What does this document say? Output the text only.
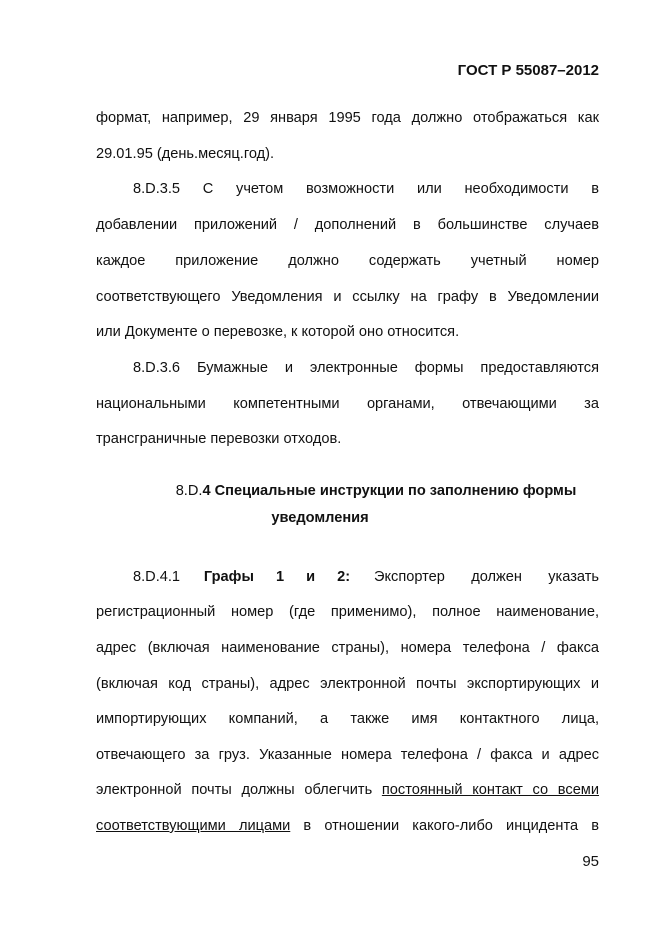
ГОСТ Р 55087–2012
формат, например, 29 января 1995 года должно отображаться как
29.01.95 (день.месяц.год).
8.D.3.5 С учетом возможности или необходимости в
добавлении приложений / дополнений в большинстве случаев
каждое приложение должно содержать учетный номер
соответствующего Уведомления и ссылку на графу в Уведомлении
или Документе о перевозке, к которой оно относится.
8.D.3.6 Бумажные и электронные формы предоставляются
национальными компетентными органами, отвечающими за
трансграничные перевозки отходов.
8.D.4 Специальные инструкции по заполнению формы
уведомления
8.D.4.1 Графы 1 и 2: Экспортер должен указать
регистрационный номер (где применимо), полное наименование,
адрес (включая наименование страны), номера телефона / факса
(включая код страны), адрес электронной почты экспортирующих и
импортирующих компаний, а также имя контактного лица,
отвечающего за груз. Указанные номера телефона / факса и адрес
электронной почты должны облегчить постоянный контакт со всеми
соответствующими лицами в отношении какого-либо инцидента в
95
